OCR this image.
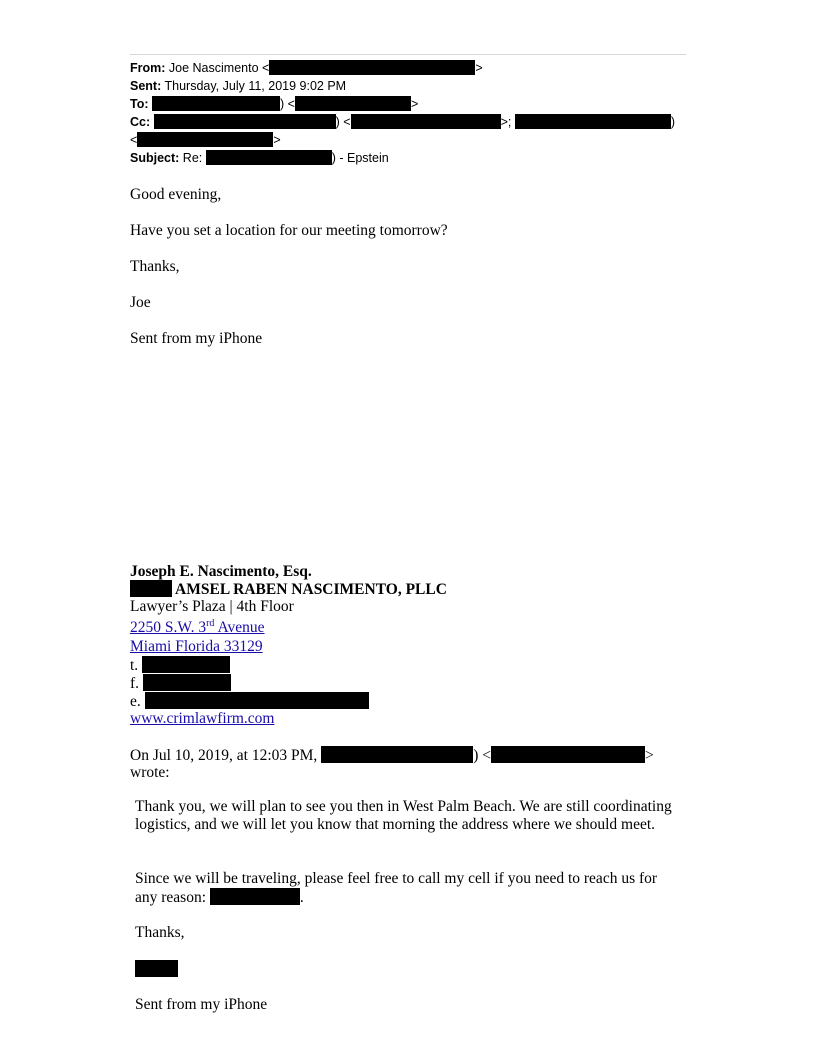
From: Joe Nascimento <	>
Sent: Thursday, July 11, 2019 9:02 PM
To:	) <	>
Cc:	) <	>;	)
<	>
Subject: Re:	) - Epstein
Good evening,
Have you set a location for our meeting tomorrow?
Thanks,
Joe
Sent from my iPhone
Joseph E. Nascimento, Esq.
AMSEL RABEN NASCIMENTO, PLLC
Lawyer’s Plaza | 4th Floor
2250 S.W. 3rd Avenue
Miami Florida 33129
t.
f.
e.
www.crimlawfirm.com
On Jul 10, 2019, at 12:03 PM,	) <	>
wrote:
Thank you, we will plan to see you then in West Palm Beach. We are still coordinating logistics, and we will let you know that morning the address where we should meet.
Since we will be traveling, please feel free to call my cell if you need to reach us for any reason:	.
Thanks,
Sent from my iPhone
